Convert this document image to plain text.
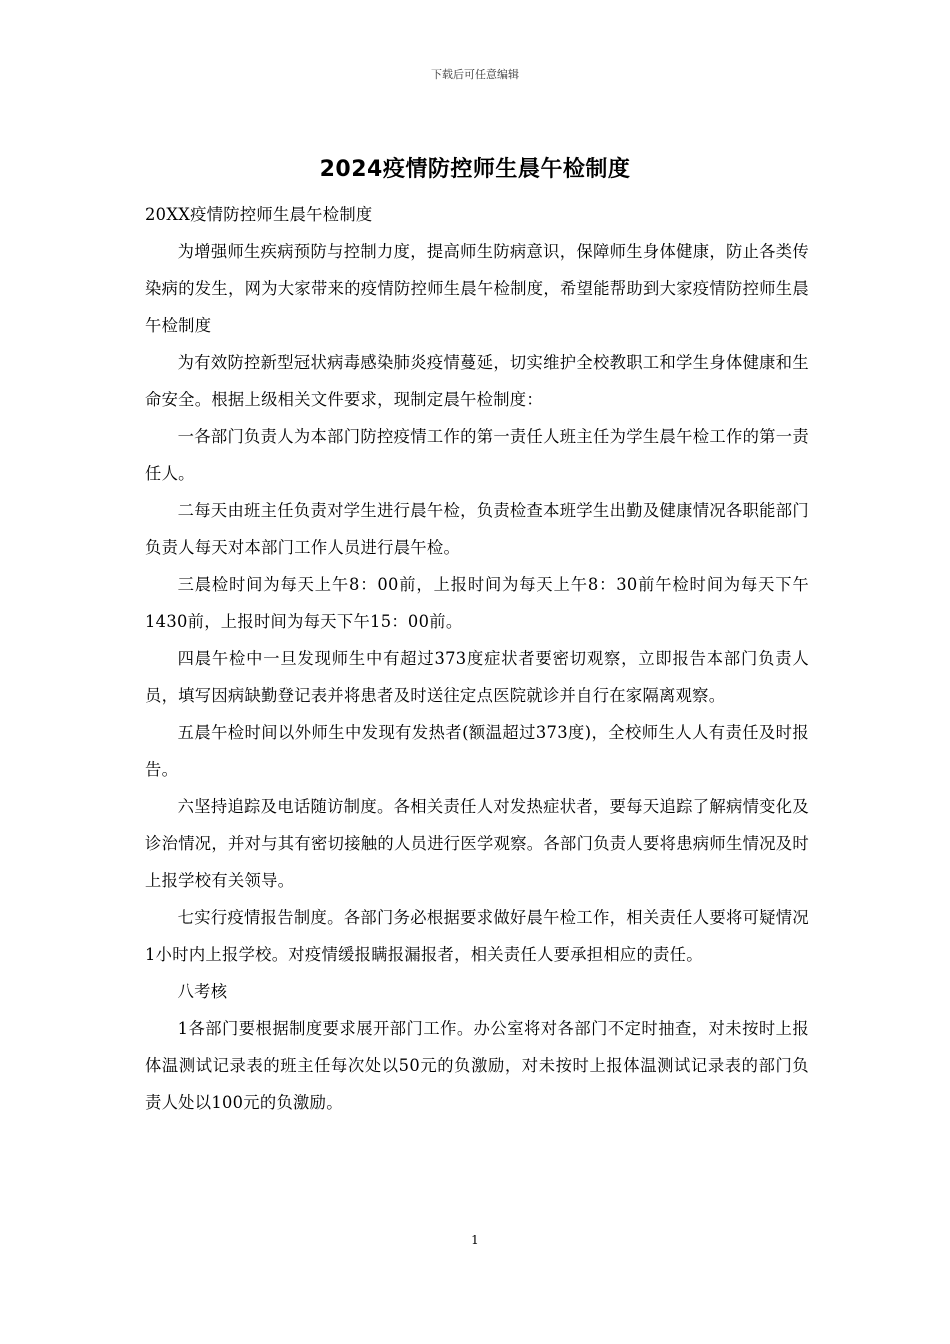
下载后可任意编辑
2024疫情防控师生晨午检制度

20XX疫情防控师生晨午检制度

为增强师生疾病预防与控制力度，提高师生防病意识，保障师生身体健康，防止各类传染病的发生，网为大家带来的疫情防控师生晨午检制度，希望能帮助到大家疫情防控师生晨午检制度

为有效防控新型冠状病毒感染肺炎疫情蔓延，切实维护全校教职工和学生身体健康和生命安全。根据上级相关文件要求，现制定晨午检制度：

一各部门负责人为本部门防控疫情工作的第一责任人班主任为学生晨午检工作的第一责任人。

二每天由班主任负责对学生进行晨午检，负责检查本班学生出勤及健康情况各职能部门负责人每天对本部门工作人员进行晨午检。

三晨检时间为每天上午8：00前，上报时间为每天上午8：30前午检时间为每天下午1430前，上报时间为每天下午15：00前。

四晨午检中一旦发现师生中有超过373度症状者要密切观察，立即报告本部门负责人员，填写因病缺勤登记表并将患者及时送往定点医院就诊并自行在家隔离观察。

五晨午检时间以外师生中发现有发热者(额温超过373度)，全校师生人人有责任及时报告。

六坚持追踪及电话随访制度。各相关责任人对发热症状者，要每天追踪了解病情变化及诊治情况，并对与其有密切接触的人员进行医学观察。各部门负责人要将患病师生情况及时上报学校有关领导。

七实行疫情报告制度。各部门务必根据要求做好晨午检工作，相关责任人要将可疑情况1小时内上报学校。对疫情缓报瞒报漏报者，相关责任人要承担相应的责任。

八考核

1各部门要根据制度要求展开部门工作。办公室将对各部门不定时抽查，对未按时上报体温测试记录表的班主任每次处以50元的负激励，对未按时上报体温测试记录表的部门负责人处以100元的负激励。

1
